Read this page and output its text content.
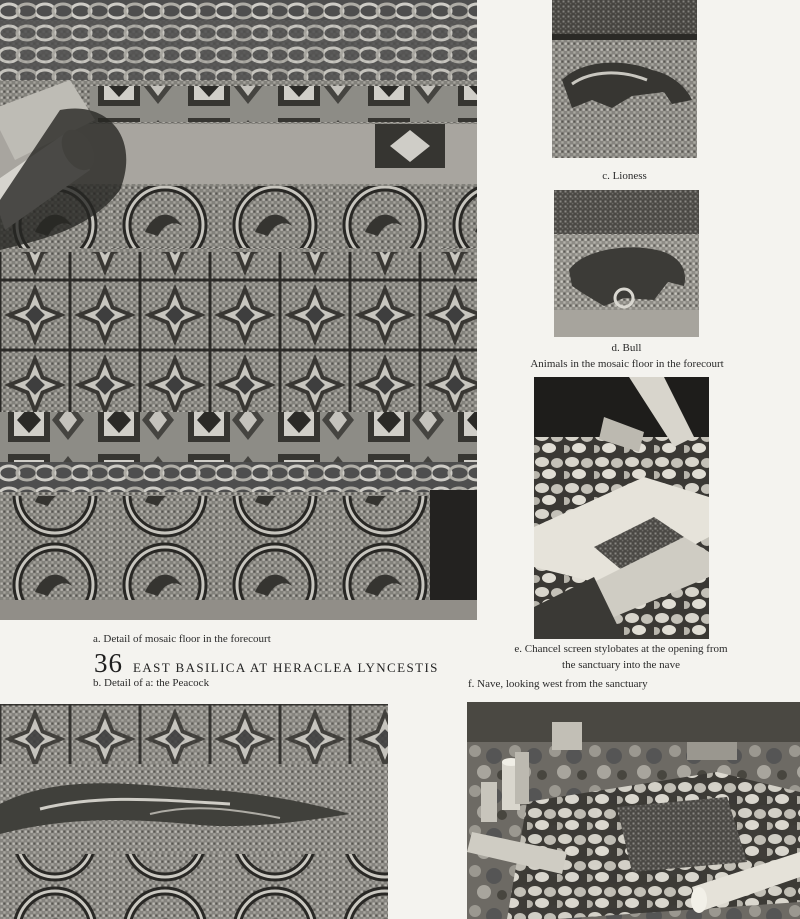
c. Lioness
d. Bull
Animals in the mosaic floor in the forecourt
a. Detail of mosaic floor in the forecourt
36 EAST BASILICA AT HERACLEA LYNCESTIS
b. Detail of a: the Peacock
e. Chancel screen stylobates at the opening from
the sanctuary into the nave
f. Nave, looking west from the sanctuary
